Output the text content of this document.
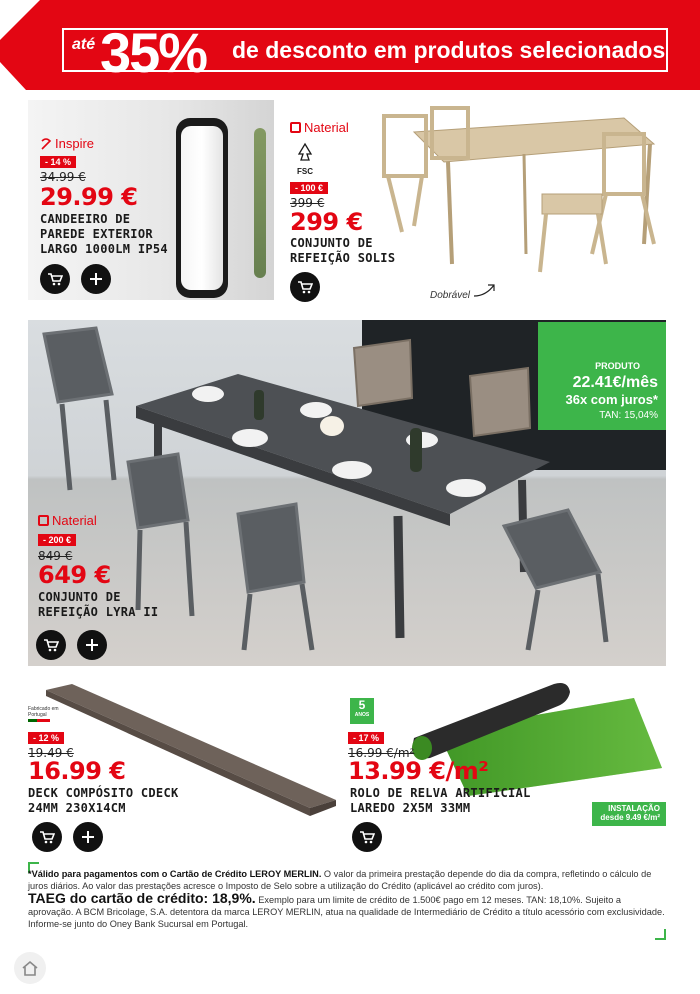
até 35% de desconto em produtos selecionados
Inspire
- 14 %
34.99 €
29.99 €
CANDEEIRO DE
PAREDE EXTERIOR
LARGO 1000LM IP54
Naterial
FSC
- 100 €
399 €
299 €
CONJUNTO DE
REFEIÇÃO SOLIS
Dobrável
PRODUTO
22.41€/mês
36x com juros*
TAN: 15,04%
Naterial
- 200 €
849 €
649 €
CONJUNTO DE
REFEIÇÃO LYRA II
Fabricado em Portugal
- 12 %
19.49 €
16.99 €
DECK COMPÓSITO CDECK
24MM 230X14CM
5
ANOS
- 17 %
16.99 €/m²
13.99 €/m²
ROLO DE RELVA ARTIFICIAL
LAREDO 2X5M 33MM	INSTALAÇÃO
desde 9.49 €/m²
*Válido para pagamentos com o Cartão de Crédito LEROY MERLIN. O valor da primeira prestação depende do dia da compra, refletindo o cálculo de juros diários. Ao valor das prestações acresce o Imposto de Selo sobre a utilização do Crédito (aplicável ao crédito com juros).
TAEG do cartão de crédito: 18,9%. Exemplo para um limite de crédito de 1.500€ pago em 12 meses. TAN: 18,10%. Sujeito a aprovação. A BCM Bricolage, S.A. detentora da marca LEROY MERLIN, atua na qualidade de Intermediário de Crédito a título acessório com exclusividade. Informe-se junto do Oney Bank Sucursal em Portugal.
